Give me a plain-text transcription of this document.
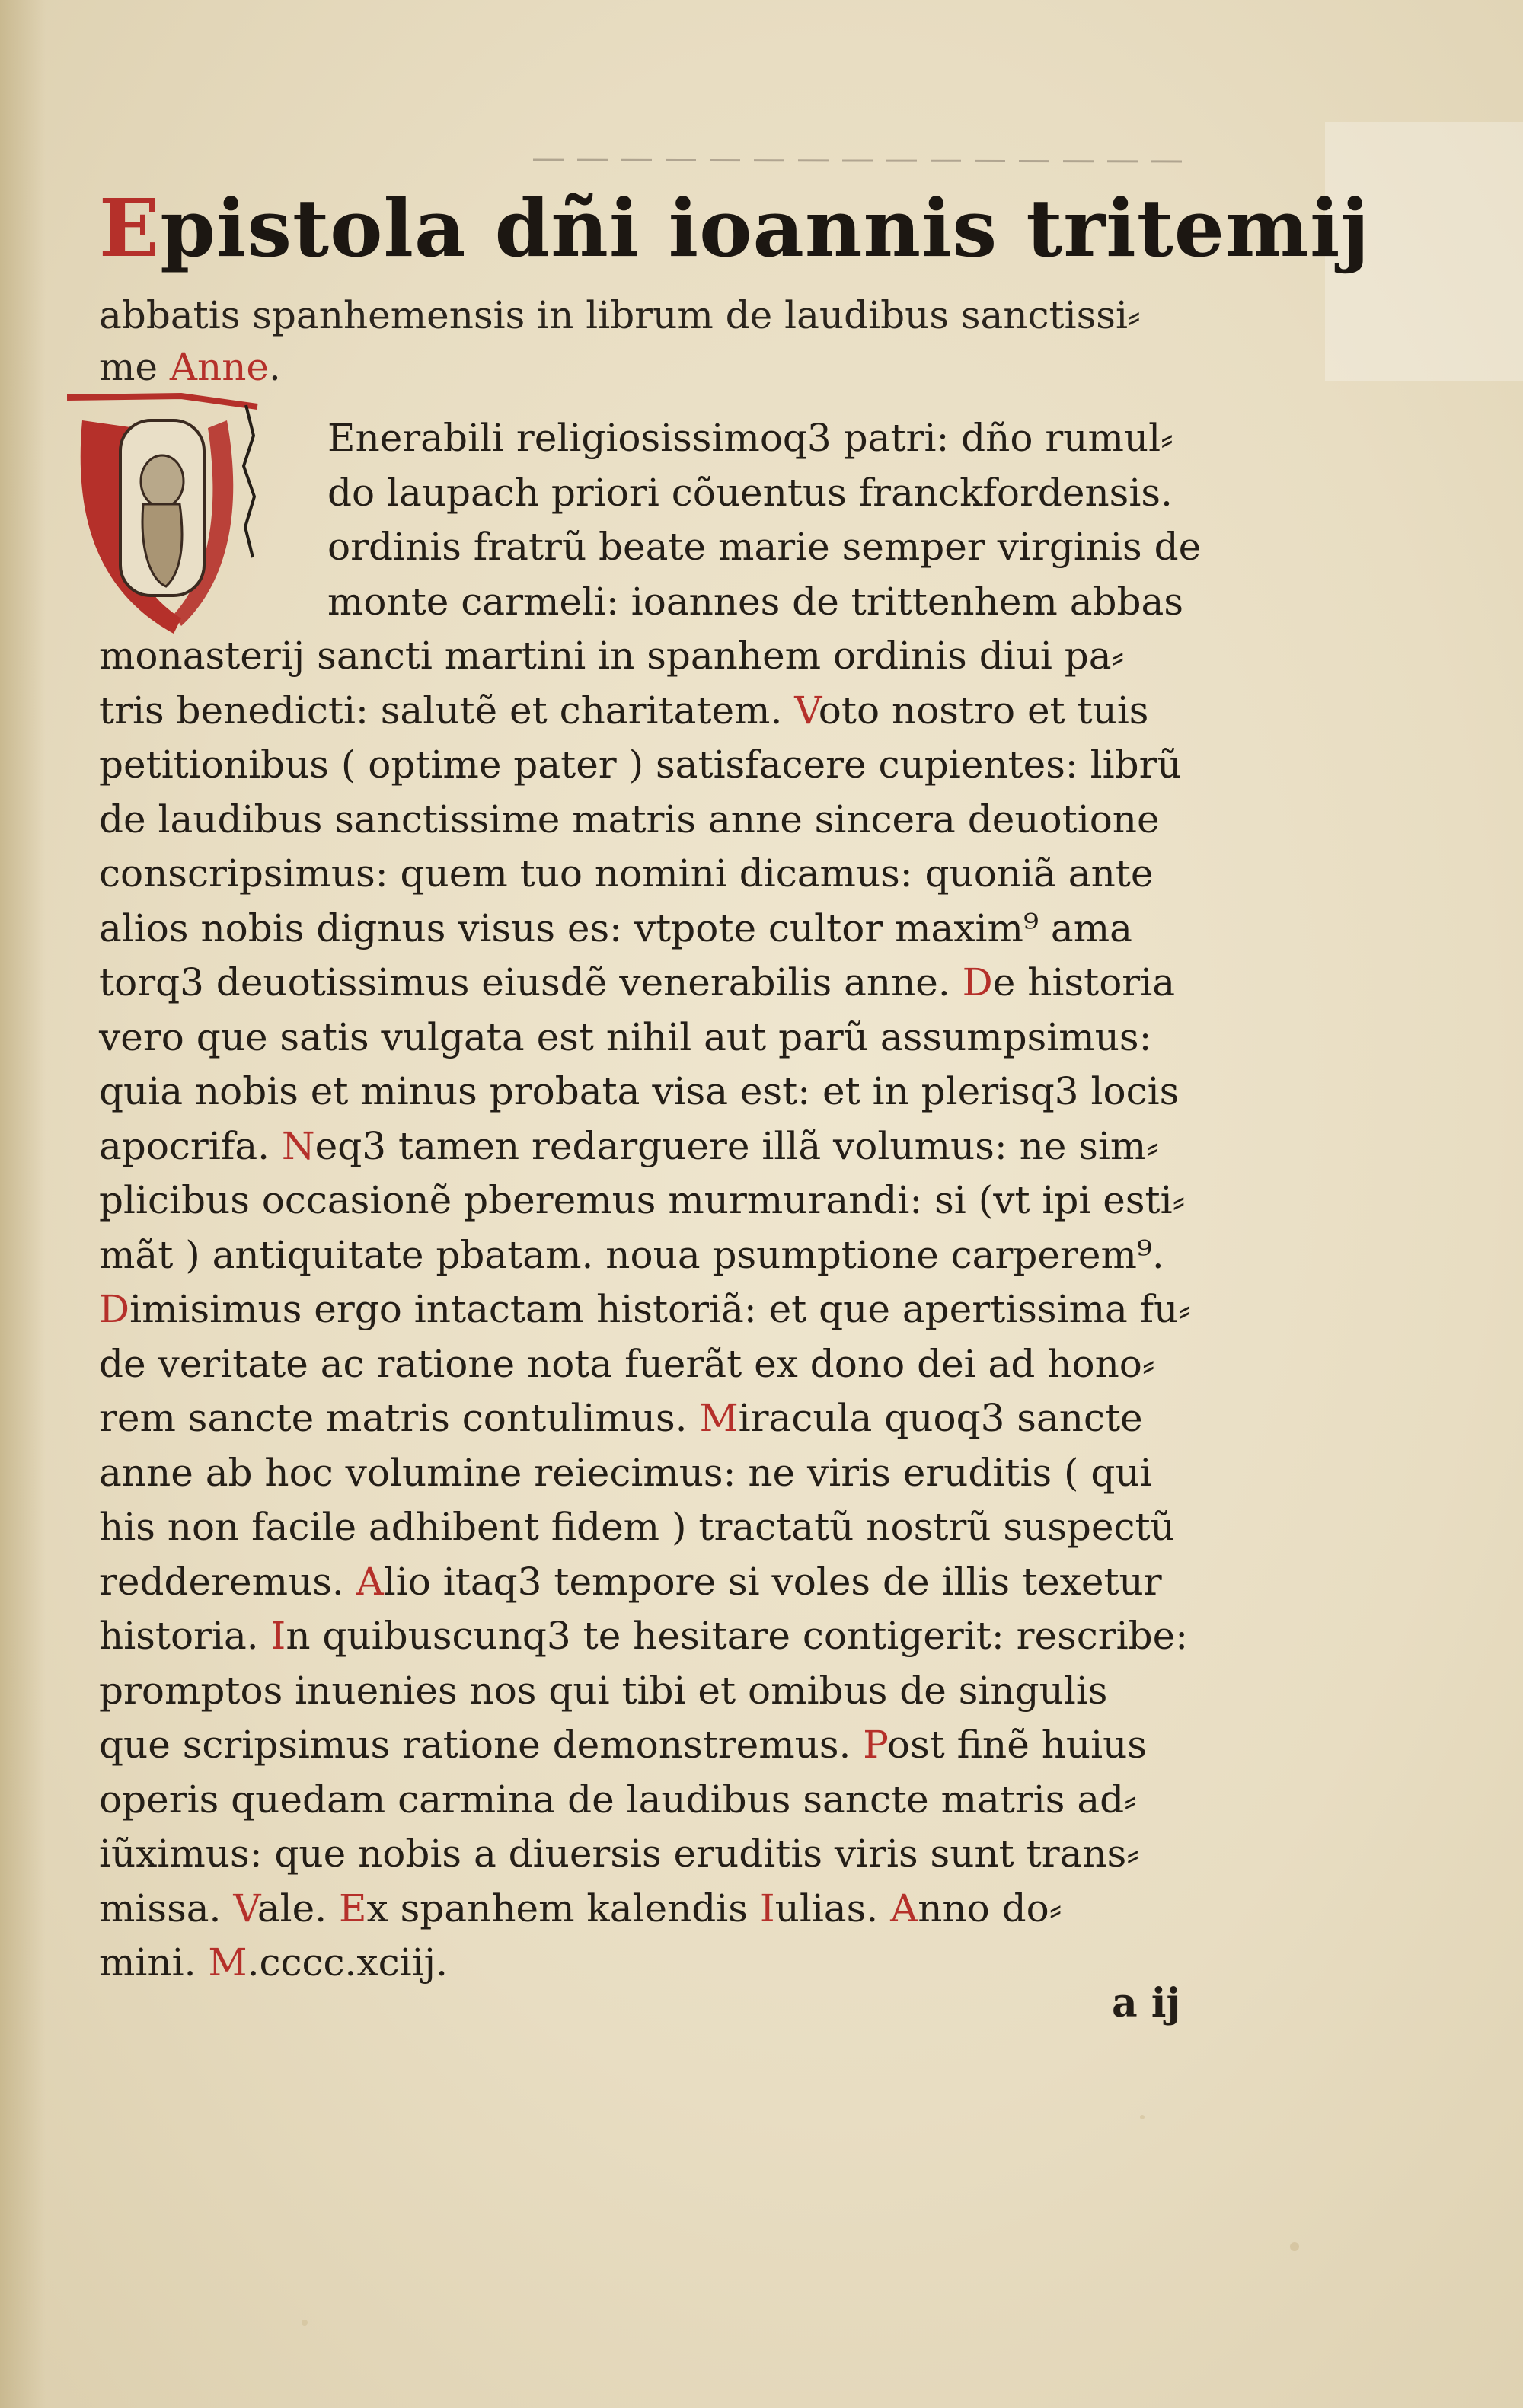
Epistola dñi ioannis tritemij
abbatis spanhemensis in librum de laudibus sanctissi⸗
me Anne.
Enerabili religiosissimoq3 patri: dño rumul⸗
do laupach priori cõuentus franckfordensis.
ordinis fratrũ beate marie semper virginis de
monte carmeli: ioannes de trittenhem abbas
monasterij sancti martini in spanhem ordinis diui pa⸗
tris benedicti: salutẽ et charitatem. Voto nostro et tuis
petitionibus ( optime pater ) satisfacere cupientes: librũ
de laudibus sanctissime matris anne sincera deuotione
conscripsimus: quem tuo nomini dicamus: quoniã ante
alios nobis dignus visus es: vtpote cultor maxim⁹ ama
torq3 deuotissimus eiusdẽ venerabilis anne. De historia
vero que satis vulgata est nihil aut parũ assumpsimus:
quia nobis et minus probata visa est: et in plerisq3 locis
apocrifa. Neq3 tamen redarguere illã volumus: ne sim⸗
plicibus occasionẽ pberemus murmurandi: si (vt ipi esti⸗
mãt ) antiquitate pbatam. noua psumptione carperem⁹.
Dimisimus ergo intactam historiã: et que apertissima fu⸗
de veritate ac ratione nota fuerãt ex dono dei ad hono⸗
rem sancte matris contulimus. Miracula quoq3 sancte
anne ab hoc volumine reiecimus: ne viris eruditis ( qui
his non facile adhibent fidem ) tractatũ nostrũ suspectũ
redderemus. Alio itaq3 tempore si voles de illis texetur
historia. In quibuscunq3 te hesitare contigerit: rescribe:
promptos inuenies nos qui tibi et omibus de singulis
que scripsimus ratione demonstremus. Post finẽ huius
operis quedam carmina de laudibus sancte matris ad⸗
iũximus: que nobis a diuersis eruditis viris sunt trans⸗
missa. Vale. Ex spanhem kalendis Iulias. Anno do⸗
mini. M.cccc.xciij.
a ij
